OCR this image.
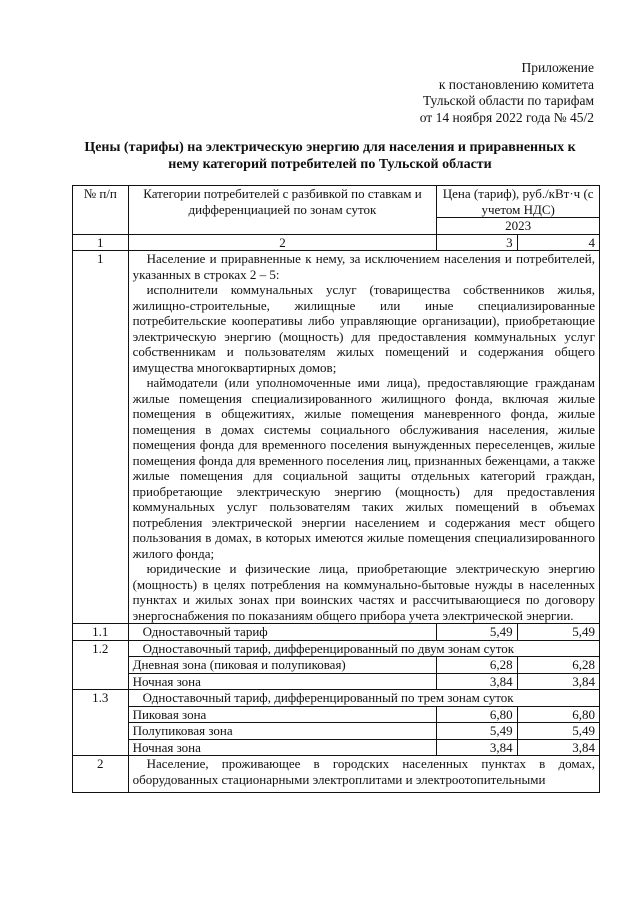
Приложение
к постановлению комитета
Тульской области по тарифам
от 14 ноября 2022 года № 45/2
Цены (тарифы) на электрическую энергию для населения и приравненных к
нему категорий потребителей по Тульской области
№ п/п	Категории потребителей с разбивкой по ставкам и дифференциацией по зонам суток	Цена (тариф), руб./кВт·ч (с учетом НДС)	
		2023	
1	2	3	4
1	Население и приравненные к нему, за исключением населения и потребителей, указанных в строках 2 – 5:

исполнители коммунальных услуг (товарищества собственников жилья, жилищно-строительные, жилищные или иные специализированные потребительские кооперативы либо управляющие организации), приобретающие электрическую энергию (мощность) для предоставления коммунальных услуг собственникам и пользователям жилых помещений и содержания общего имущества многоквартирных домов;

наймодатели (или уполномоченные ими лица), предоставляющие гражданам жилые помещения специализированного жилищного фонда, включая жилые помещения в общежитиях, жилые помещения маневренного фонда, жилые помещения в домах системы социального обслуживания населения, жилые помещения фонда для временного поселения вынужденных переселенцев, жилые помещения фонда для временного поселения лиц, признанных беженцами, а также жилые помещения для социальной защиты отдельных категорий граждан, приобретающие электрическую энергию (мощность) для предоставления коммунальных услуг пользователям таких жилых помещений в объемах потребления электрической энергии населением и содержания мест общего пользования в домах, в которых имеются жилые помещения специализированного жилого фонда;

юридические и физические лица, приобретающие электрическую энергию (мощность) в целях потребления на коммунально-бытовые нужды в населенных пунктах и жилых зонах при воинских частях и рассчитывающиеся по договору энергоснабжения по показаниям общего прибора учета электрической энергии.		

1.1	Одноставочный тариф	5,49	5,49
1.2	Одноставочный тариф, дифференцированный по двум зонам суток		
	Дневная зона (пиковая и полупиковая)	6,28	6,28
	Ночная зона	3,84	3,84
1.3	Одноставочный тариф, дифференцированный по трем зонам суток		
	Пиковая зона	6,80	6,80
	Полупиковая зона	5,49	5,49
	Ночная зона	3,84	3,84
2	Население, проживающее в городских населенных пунктах в домах, оборудованных стационарными электроплитами и электроотопительными		
